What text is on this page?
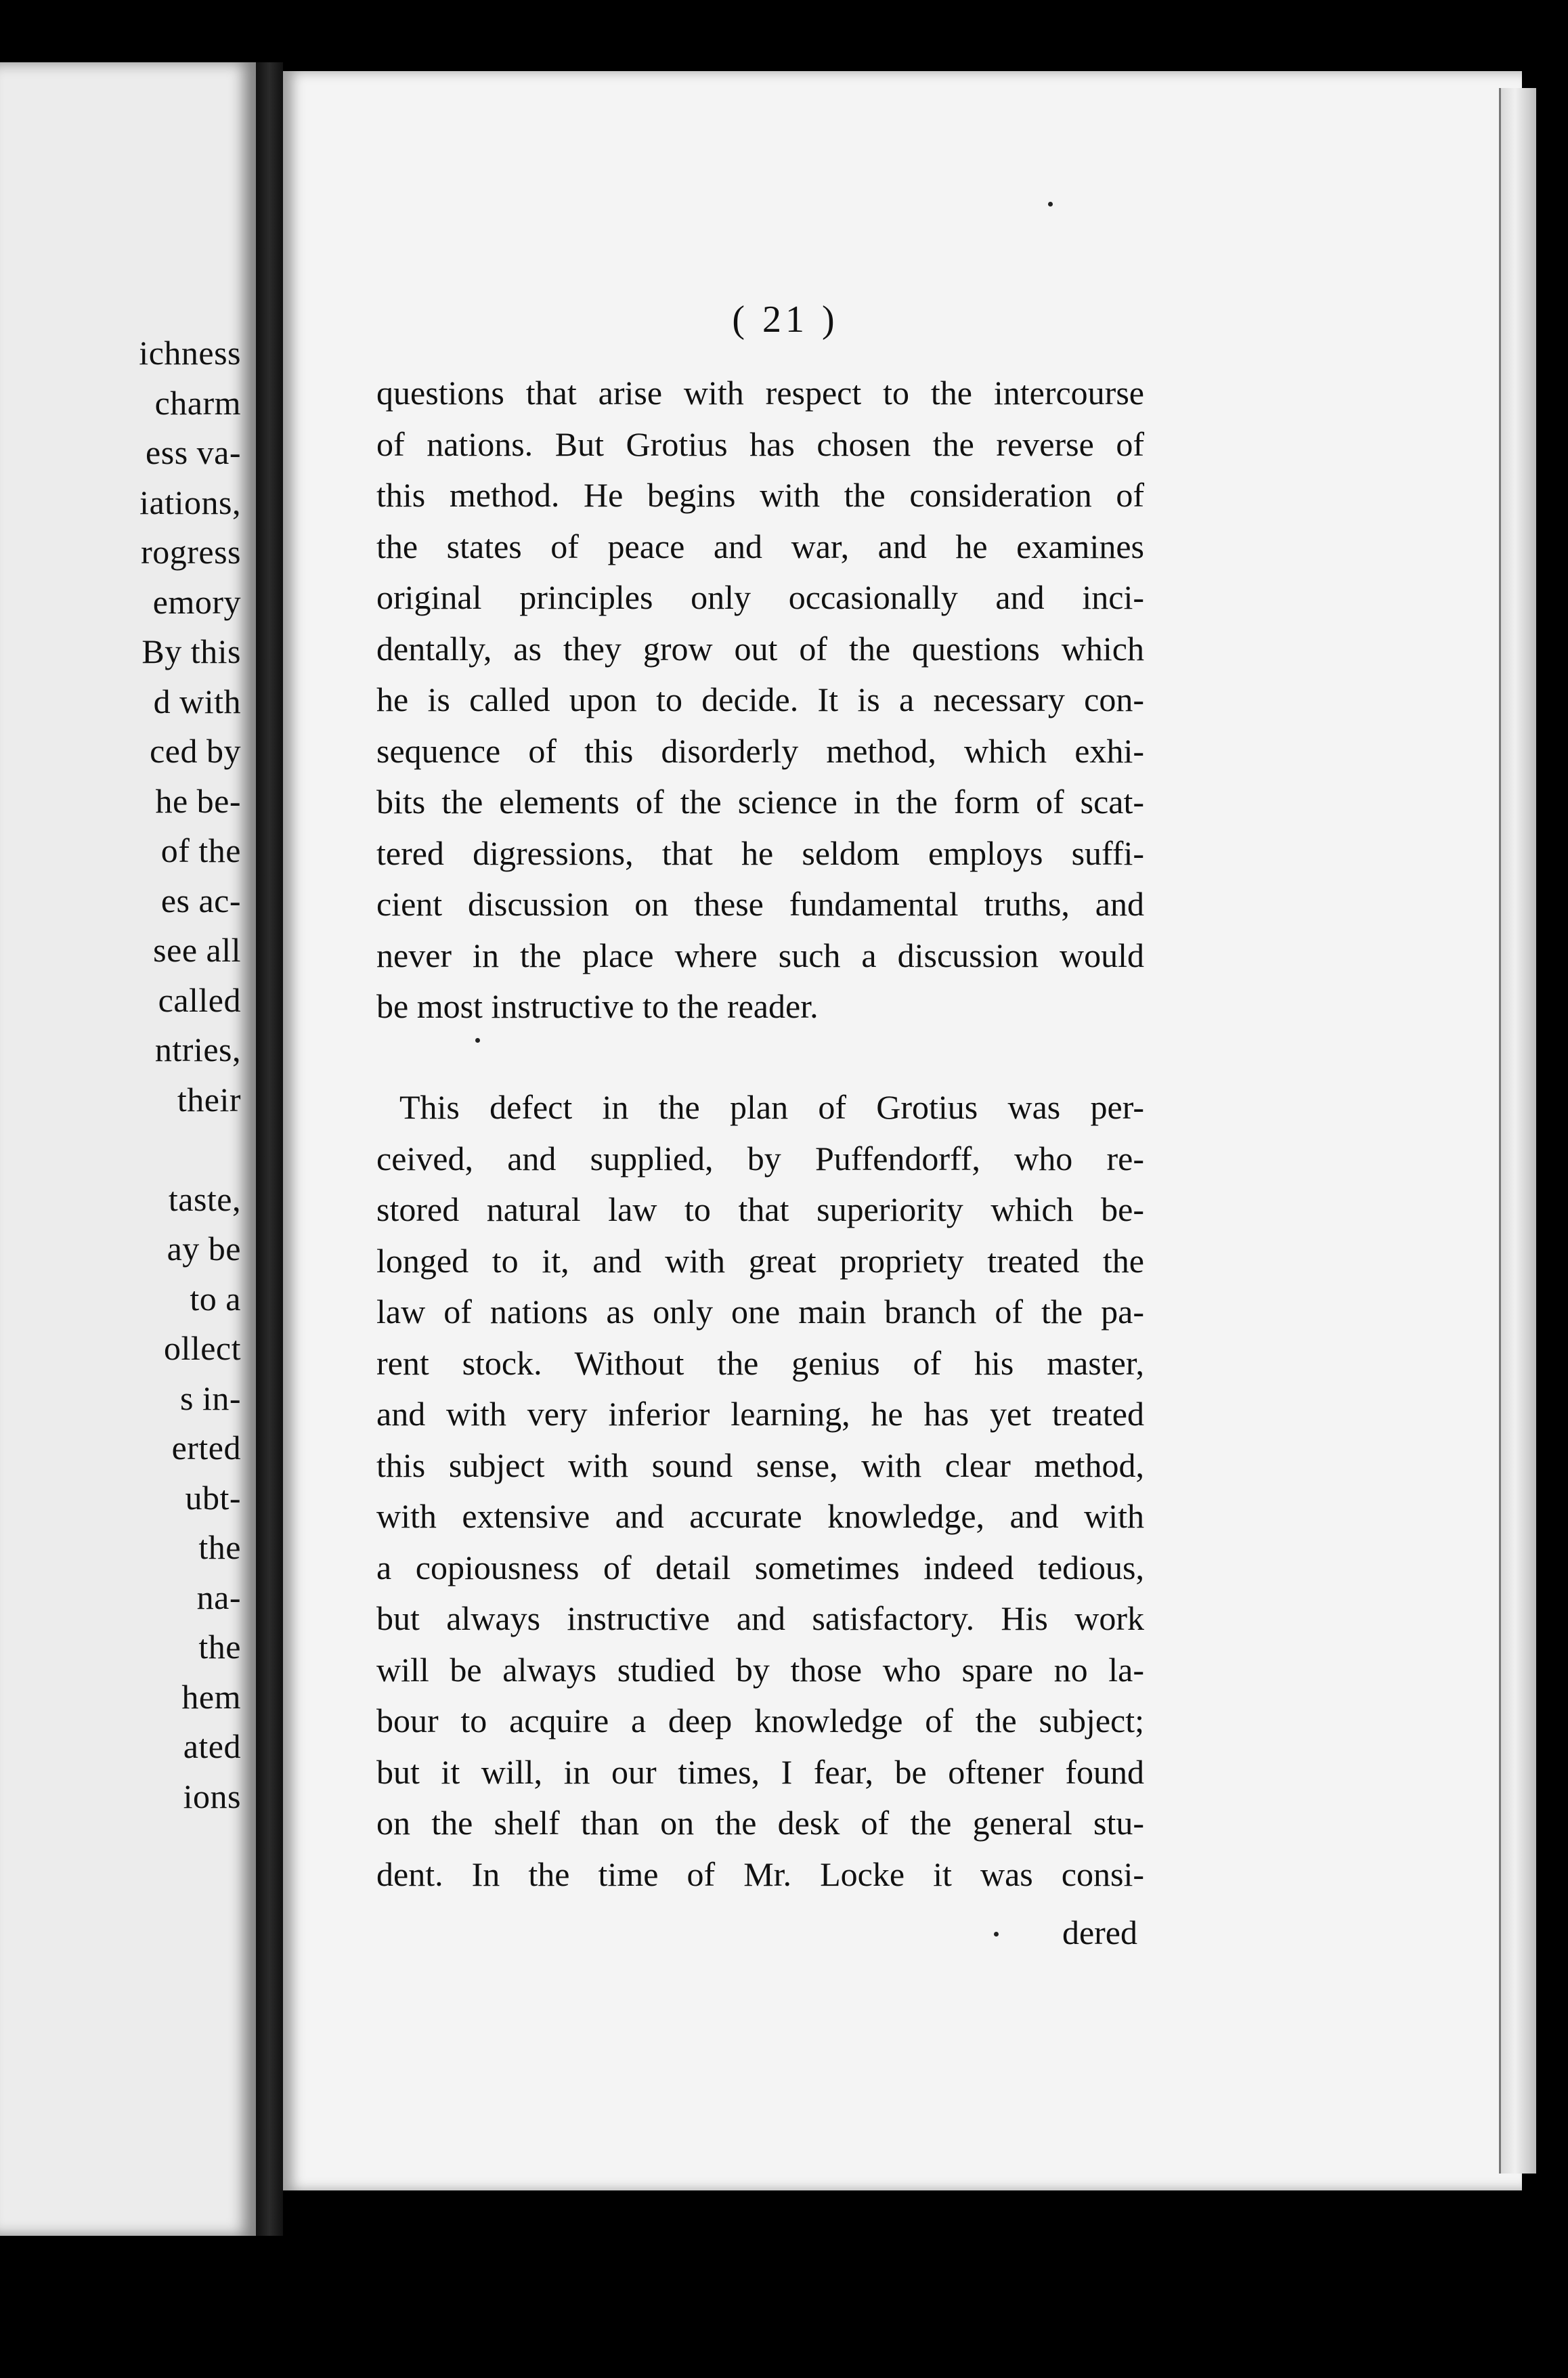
ichness
charm
ess va-
iations,
rogress
emory
By this
d with
ced by
he be-
of the
es ac-
see all
called
ntries,
their
taste,
ay be
to a
ollect
s in-
erted
ubt-
the
na-
the
hem
ated
ions
( 21 )
questions that arise with respect to the intercourse
of nations. But Grotius has chosen the reverse of
this method. He begins with the consideration of
the states of peace and war, and he examines
original principles only occasionally and inci-
dentally, as they grow out of the questions which
he is called upon to decide. It is a necessary con-
sequence of this disorderly method, which exhi-
bits the elements of the science in the form of scat-
tered digressions, that he seldom employs suffi-
cient discussion on these fundamental truths, and
never in the place where such a discussion would
be most instructive to the reader.
This defect in the plan of Grotius was per-
ceived, and supplied, by Puffendorff, who re-
stored natural law to that superiority which be-
longed to it, and with great propriety treated the
law of nations as only one main branch of the pa-
rent stock. Without the genius of his master,
and with very inferior learning, he has yet treated
this subject with sound sense, with clear method,
with extensive and accurate knowledge, and with
a copiousness of detail sometimes indeed tedious,
but always instructive and satisfactory. His work
will be always studied by those who spare no la-
bour to acquire a deep knowledge of the subject;
but it will, in our times, I fear, be oftener found
on the shelf than on the desk of the general stu-
dent. In the time of Mr. Locke it was consi-
dered
